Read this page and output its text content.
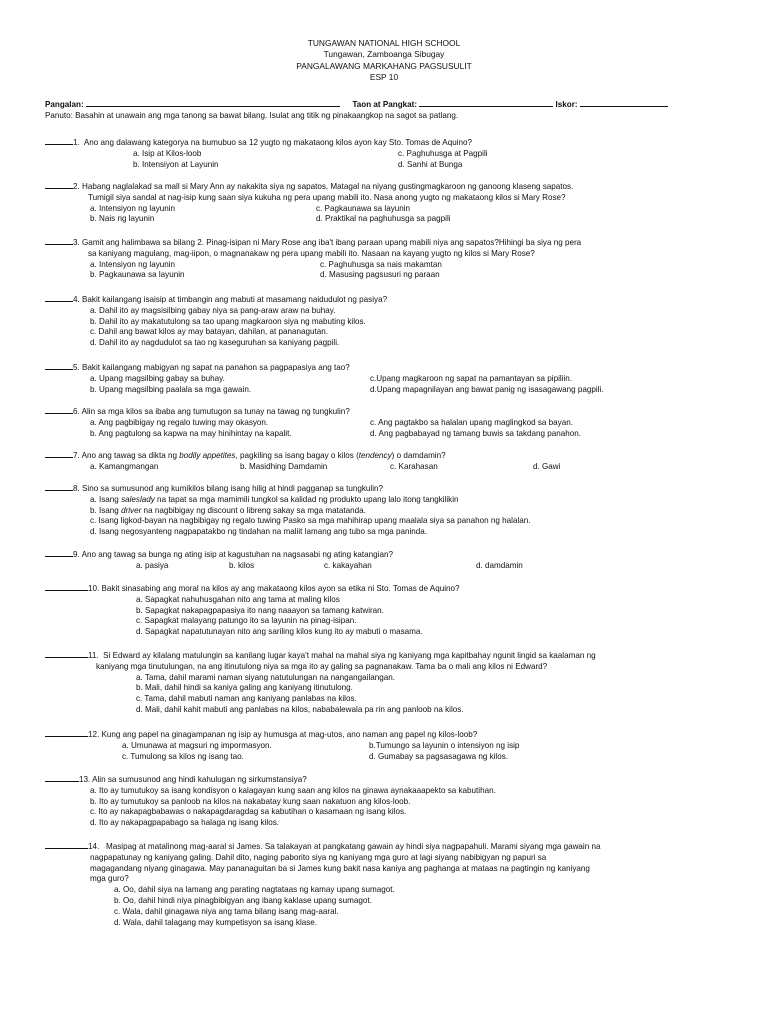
TUNGAWAN NATIONAL HIGH SCHOOL
Tungawan, Zamboanga Sibugay
PANGALAWANG MARKAHANG PAGSUSULIT
ESP 10
Pangalan:	Taon at Pangkat:	Iskor:
Panuto: Basahin at unawain ang mga tanong sa bawat bilang. Isulat ang titik ng pinakaangkop na sagot sa patlang.
1. Ano ang dalawang kategorya na bumubuo sa 12 yugto ng makataong kilos ayon kay Sto. Tomas de Aquino?
a. Isip at Kilos-loob	c. Paghuhusga at Pagpili
b. Intensiyon at Layunin	d. Sanhi at Bunga
2. Habang naglalakad sa mall si Mary Ann ay nakakita siya ng sapatos. Matagal na niyang gustingmagkaroon ng ganoong klaseng sapatos.
Tumigil siya sandal at nag-isip kung saan siya kukuha ng pera upang mabili ito. Nasa anong yugto ng makataong kilos si Mary Rose?
a. Intensiyon ng layunin	c. Pagkaunawa sa layunin
b. Nais ng layunin	d. Praktikal na paghuhusga sa pagpili
3. Gamit ang halimbawa sa bilang 2. Pinag-isipan ni Mary Rose ang iba't ibang paraan upang mabili niya ang sapatos?Hihingi ba siya ng pera
sa kaniyang magulang, mag-iipon, o magnanakaw ng pera upang mabili ito. Nasaan na kayang yugto ng kilos si Mary Rose?
a. Intensiyon ng layunin	c. Paghuhusga sa nais makamtan
b. Pagkaunawa sa layunin	d. Masusing pagsusuri ng paraan
4. Bakit kailangang isaisip at timbangin ang mabuti at masamang naidudulot ng pasiya?
a. Dahil ito ay magsisilbing gabay niya sa pang-araw araw na buhay.
b. Dahil ito ay makatutulong sa tao upang magkaroon siya ng mabuting kilos.
c. Dahil ang bawat kilos ay may batayan, dahilan, at pananagutan.
d. Dahil ito ay nagdudulot sa tao ng kaseguruhan sa kaniyang pagpili.
5. Bakit kailangang mabigyan ng sapat na panahon sa pagpapasiya ang tao?
a. Upang magsilbing gabay sa buhay.	c.Upang magkaroon ng sapat na pamantayan sa pipiliin.
b. Upang magsilbing paalala sa mga gawain.	d.Upang mapagnilayan ang bawat panig ng isasagawang pagpili.
6. Alin sa mga kilos sa ibaba ang tumutugon sa tunay na tawag ng tungkulin?
a. Ang pagbibigay ng regalo tuwing may okasyon.	c. Ang pagtakbo sa halalan upang maglingkod sa bayan.
b. Ang pagtulong sa kapwa na may hinihintay na kapalit.	d. Ang pagbabayad ng tamang buwis sa takdang panahon.
7. Ano ang tawag sa dikta ng bodily appetites, pagkiling sa isang bagay o kilos (tendency) o damdamin?
a. Kamangmangan	b. Masidhing Damdamin	c. Karahasan	d. Gawi
8. Sino sa sumusunod ang kumikilos bilang isang hilig at hindi pagganap sa tungkulin?
a. Isang saleslady na tapat sa mga mamimili tungkol sa kalidad ng produkto upang lalo itong tangkilikin
b. Isang driver na nagbibigay ng discount o libreng sakay sa mga matatanda.
c. Isang ligkod-bayan na nagbibigay ng regalo tuwing Pasko sa mga mahihirap upang maalala siya sa panahon ng halalan.
d. Isang negosyanteng nagpapatakbo ng tindahan na maliit lamang ang tubo sa mga paninda.
9. Ano ang tawag sa bunga ng ating isip at kagustuhan na nagsasabi ng ating katangian?
a. pasiya	b. kilos	c. kakayahan	d. damdamin
10. Bakit sinasabing ang moral na kilos ay ang makataong kilos ayon sa etika ni Sto. Tomas de Aquino?
a. Sapagkat nahuhusgahan nito ang tama at maling kilos
b. Sapagkat nakapagpapasiya ito nang naaayon sa tamang katwiran.
c. Sapagkat malayang patungo ito sa layunin na pinag-isipan.
d. Sapagkat napatutunayan nito ang sariling kilos kung ito ay mabuti o masama.
11. Si Edward ay kilalang matulungin sa kanilang lugar kaya't mahal na mahal siya ng kaniyang mga kapitbahay ngunit lingid sa kaalaman ng
kaniyang mga tinutulungan, na ang itinutulong niya sa mga ito ay galing sa pagnanakaw. Tama ba o mali ang kilos ni Edward?
a. Tama, dahil marami naman siyang natutulungan na nangangailangan.
b. Mali, dahil hindi sa kaniya galing ang kaniyang itinutulong.
c. Tama, dahil mabuti naman ang kaniyang panlabas na kilos.
d. Mali, dahil kahit mabuti ang panlabas na kilos, nababalewala pa rin ang panloob na kilos.
12. Kung ang papel na ginagampanan ng isip ay humusga at mag-utos, ano naman ang papel ng kilos-loob?
a. Umunawa at magsuri ng impormasyon.	b.Tumungo sa layunin o intensiyon ng isip
c. Tumulong sa kilos ng isang tao.	d. Gumabay sa pagsasagawa ng kilos.
13. Alin sa sumusunod ang hindi kahulugan ng sirkumstansiya?
a. Ito ay tumutukoy sa isang kondisyon o kalagayan kung saan ang kilos na ginawa aynakaaapekto sa kabutihan.
b. Ito ay tumutukoy sa panloob na kilos na nakabatay kung saan nakatuon ang kilos-loob.
c. Ito ay nakapagbabawas o nakapagdaragdag sa kabutihan o kasamaan ng isang kilos.
d. Ito ay nakapagpapabago sa halaga ng isang kilos.
14. Masipag at matalinong mag-aaral si James. Sa talakayan at pangkatang gawain ay hindi siya nagpapahuli. Marami siyang mga gawain na
nagpapatunay ng kaniyang galing. Dahil dito, naging paborito siya ng kaniyang mga guro at lagi siyang nabibigyan ng papuri sa
magagandang niyang ginagawa. May pananaguitan ba si James kung bakit nasa kaniya ang paghanga at mataas na pagtingin ng kaniyang
mga guro?
a. Oo, dahil siya na lamang ang parating nagtataas ng kamay upang sumagot.
b. Oo, dahil hindi niya pinagbibigyan ang ibang kaklase upang sumagot.
c. Wala, dahil ginagawa niya ang tama bilang isang mag-aaral.
d. Wala, dahil talagang may kumpetisyon sa isang klase.
